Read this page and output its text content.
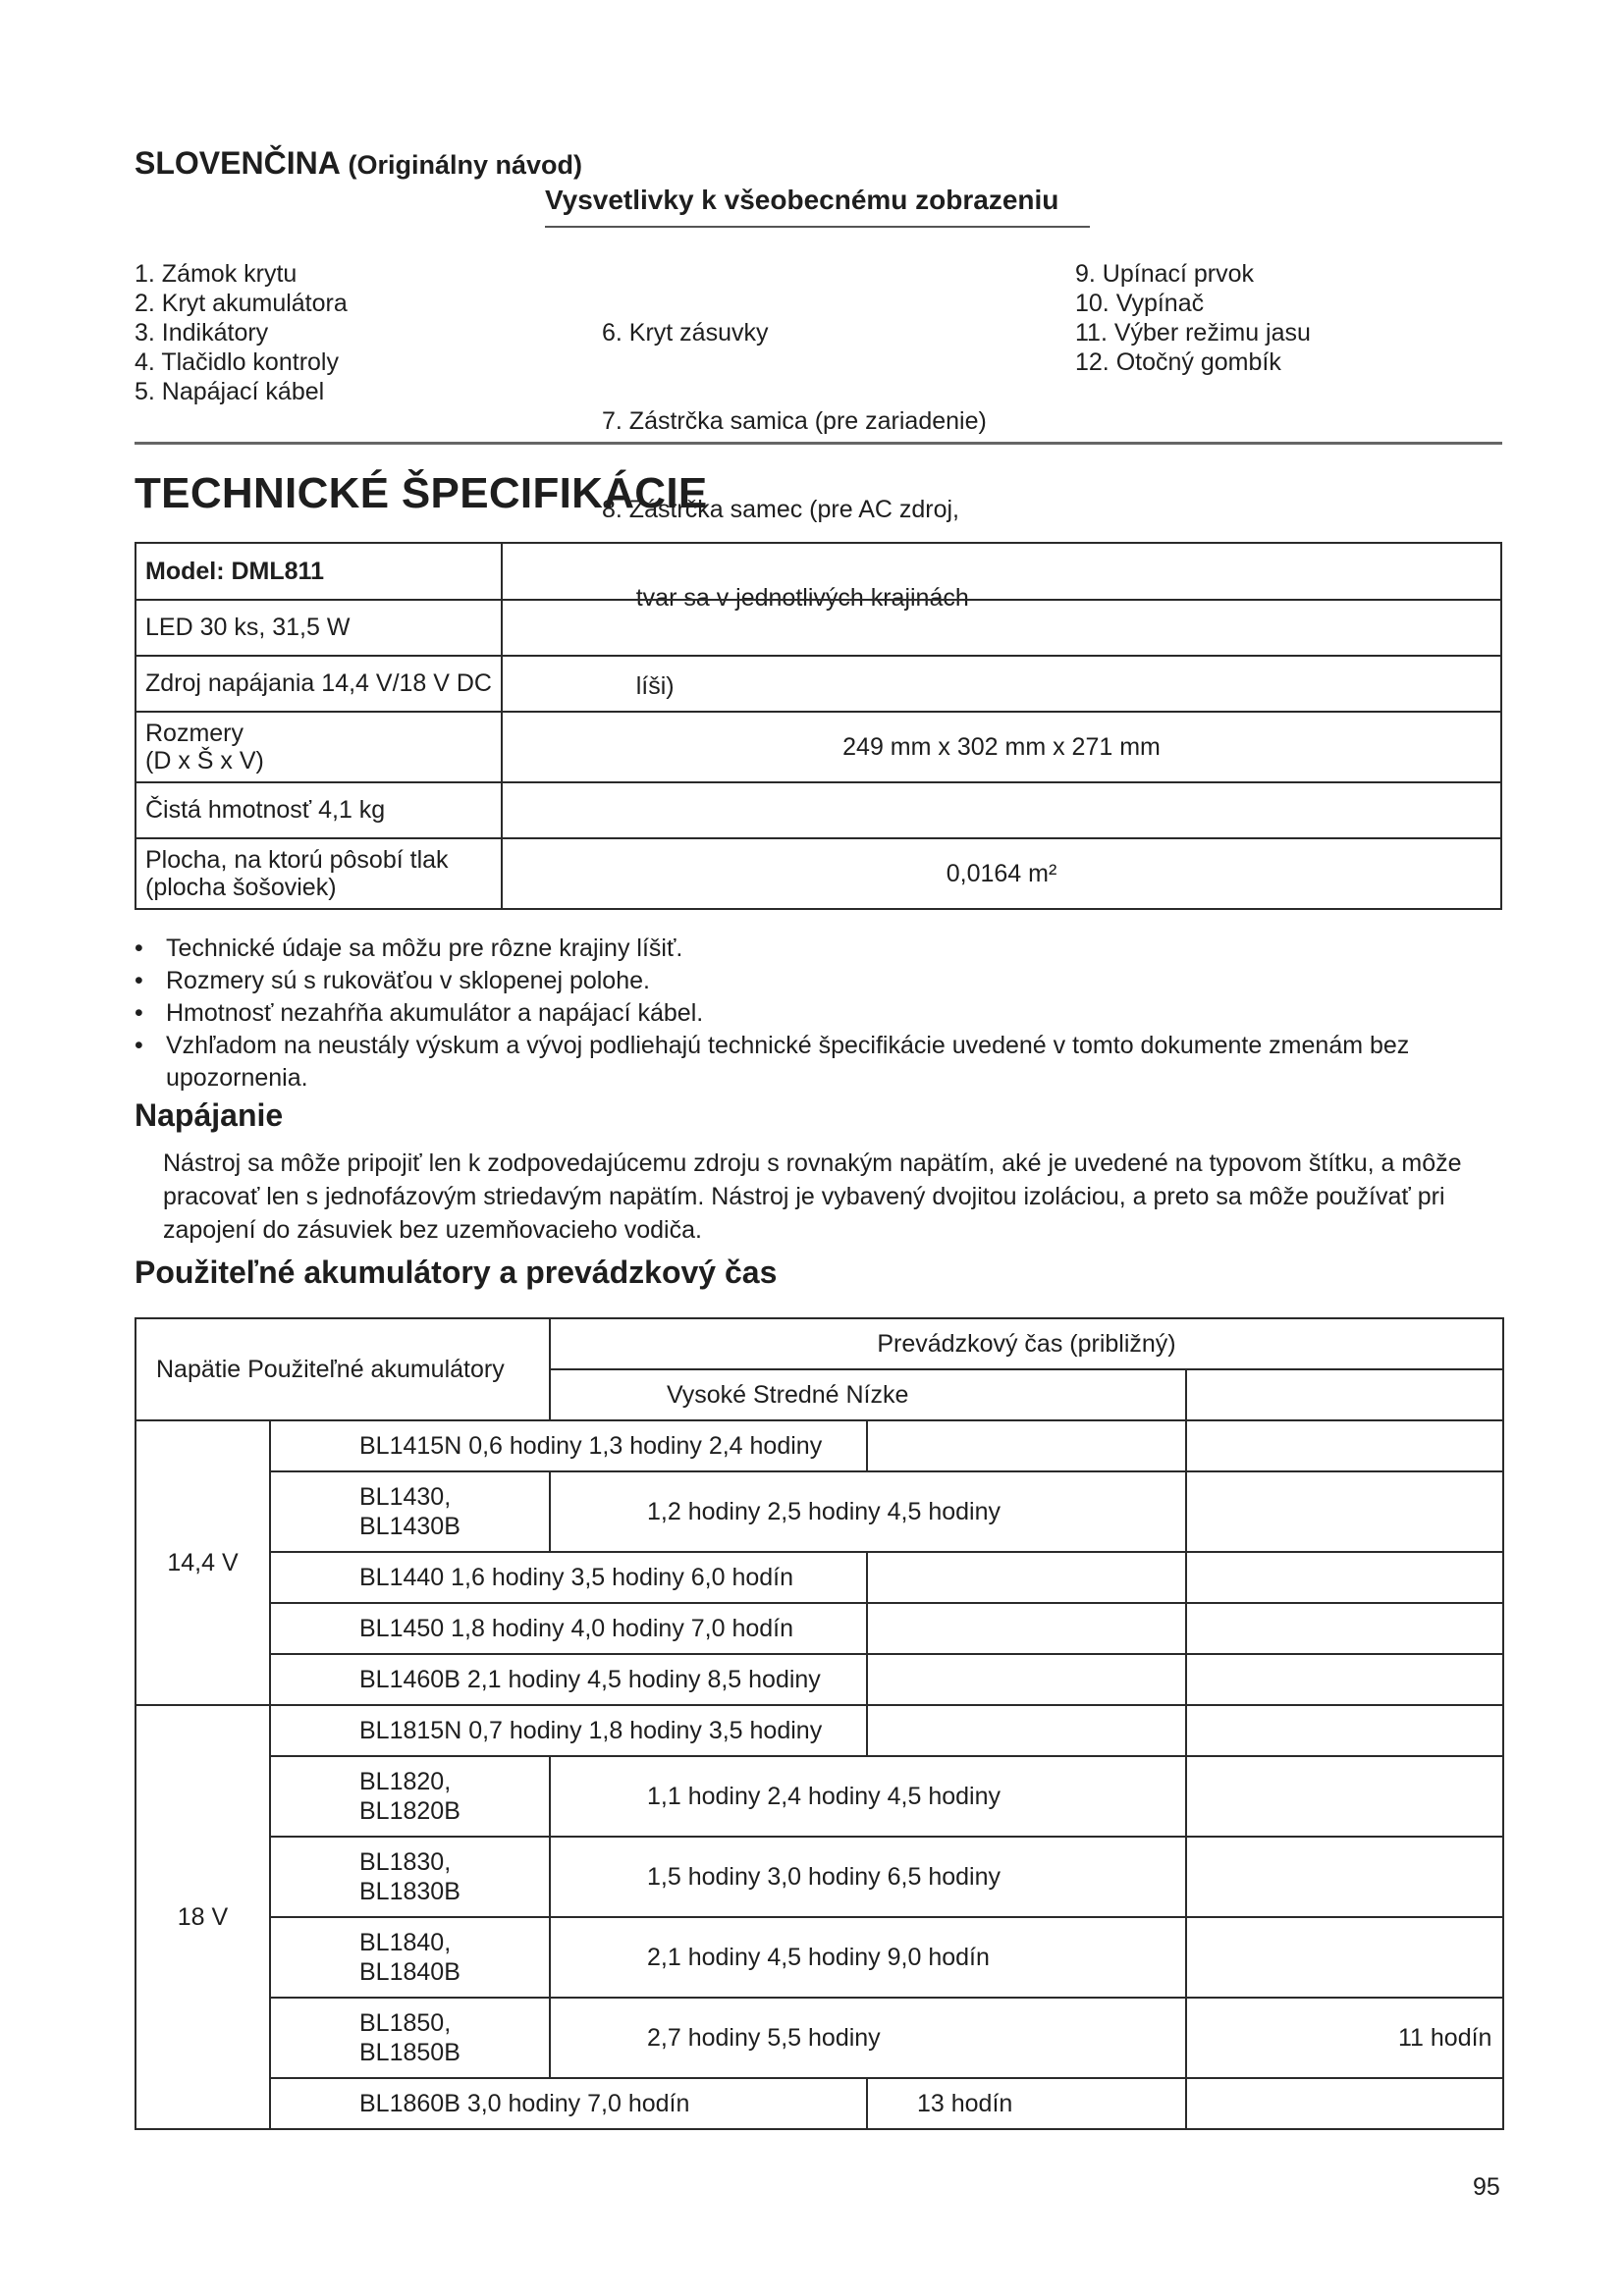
SLOVENČINA (Originálny návod)
Vysvetlivky k všeobecnému zobrazeniu
1. Zámok krytu
2. Kryt akumulátora
3. Indikátory
4. Tlačidlo kontroly
5. Napájací kábel

6. Kryt zásuvky

7. Zástrčka samica (pre zariadenie)

8. Zástrčka samec (pre AC zdroj,

tvar sa v jednotlivých krajinách

líši)

9. Upínací prvok
10. Vypínač
11. Výber režimu jasu
12. Otočný gombík
TECHNICKÉ ŠPECIFIKÁCIE
Model: DML811	
LED 30 ks, 31,5 W	
Zdroj napájania 14,4 V/18 V DC	
Rozmery
(D x Š x V)	249 mm x 302 mm x 271 mm
Čistá hmotnosť 4,1 kg	
Plocha, na ktorú pôsobí tlak
(plocha šošoviek)	0,0164 m²
• Technické údaje sa môžu pre rôzne krajiny líšiť.
• Rozmery sú s rukoväťou v sklopenej polohe.
• Hmotnosť nezahŕňa akumulátor a napájací kábel.
• Vzhľadom na neustály výskum a vývoj podliehajú technické špecifikácie uvedené v tomto dokumente zmenám bez upozornenia.
Napájanie
Nástroj sa môže pripojiť len k zodpovedajúcemu zdroju s rovnakým napätím, aké je uvedené na typovom štítku, a môže pracovať len s jednofázovým striedavým napätím. Nástroj je vybavený dvojitou izoláciou, a preto sa môže používať pri zapojení do zásuviek bez uzemňovacieho vodiča.
Použiteľné akumulátory a prevádzkový čas
Napätie Použiteľné akumulátory		Prevádzkový čas (približný)		
		Vysoké Stredné Nízke		
14,4 V	BL1415N 0,6 hodiny 1,3 hodiny 2,4 hodiny			
	BL1430,
BL1430B	1,2 hodiny 2,5 hodiny 4,5 hodiny		
	BL1440 1,6 hodiny 3,5 hodiny 6,0 hodín			
	BL1450 1,8 hodiny 4,0 hodiny 7,0 hodín			
	BL1460B 2,1 hodiny 4,5 hodiny 8,5 hodiny			
18 V	BL1815N 0,7 hodiny 1,8 hodiny 3,5 hodiny			
	BL1820,
BL1820B	1,1 hodiny 2,4 hodiny 4,5 hodiny		
	BL1830,
BL1830B	1,5 hodiny 3,0 hodiny 6,5 hodiny		
	BL1840,
BL1840B	2,1 hodiny 4,5 hodiny 9,0 hodín		
	BL1850,
BL1850B	2,7 hodiny 5,5 hodiny		11 hodín
	BL1860B 3,0 hodiny 7,0 hodín		13 hodín	
95
